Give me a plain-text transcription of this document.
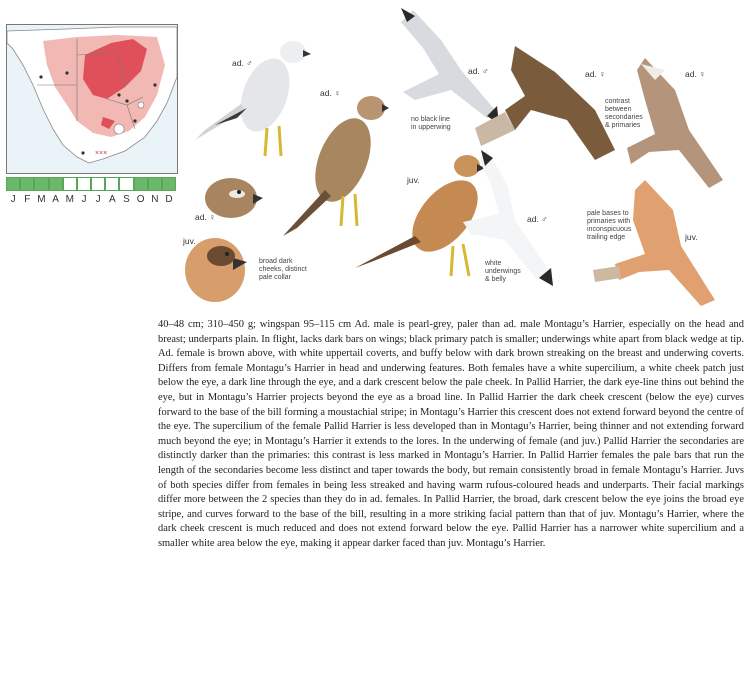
×××
J F M A M J J A S O N D
ad. ♂
ad. ♀
ad. ♂	ad. ♀	ad. ♀
juv.
ad. ♂
ad. ♀
juv.	juv.
no black line
in upperwing
contrast
between
secondaries
& primaries
pale bases to
primaries with
inconspicuous
trailing edge
white
underwings
& belly
broad dark
cheeks, distinct
pale collar
40–48 cm; 310–450 g; wingspan 95–115 cm Ad. male is pearl-grey, paler than ad. male Montagu’s Harrier, especially on the head and breast; underparts plain. In flight, lacks dark bars on wings; black primary patch is smaller; underwings white apart from black wedge at tip. Ad. female is brown above, with white uppertail coverts, and buffy below with dark brown streaking on the breast and underwing coverts. Differs from female Montagu’s Harrier in head and underwing features. Both females have a white supercilium, a white cheek patch just below the eye, a dark line through the eye, and a dark crescent below the pale cheek. In Pallid Harrier, the dark eye-line thins out behind the eye, but in Montagu’s Harrier projects beyond the eye as a broad line. In Pallid Harrier the dark cheek crescent (below the eye) curves forward to the base of the bill forming a moustachial stripe; in Montagu’s Harrier this crescent does not extend forward beyond the centre of the eye. The supercilium of the female Pallid Harrier is less developed than in Montagu’s Harrier, being thinner and not extending forward much beyond the eye; in Montagu’s Harrier it extends to the lores. In the underwing of female (and juv.) Pallid Harrier the secondaries are distinctly darker than the primaries: this contrast is less marked in Montagu’s Harrier. In Pallid Harrier females the pale bars that run the length of the secondaries become less distinct and taper towards the body, but remain consistently broad in female Montagu’s Harrier. Juvs of both species differ from females in being less streaked and having warm rufous-coloured heads and underparts. Their facial markings differ more between the 2 species than they do in ad. females. In Pallid Harrier, the broad, dark crescent below the eye joins the broad eye stripe, and curves forward to the base of the bill, resulting in a more striking facial pattern than that of juv. Montagu’s Harrier, where the dark cheek crescent is much reduced and does not extend forward below the eye. Pallid Harrier has a narrower white supercilium and a smaller white area below the eye, making it appear darker faced than juv. Montagu’s Harrier.
